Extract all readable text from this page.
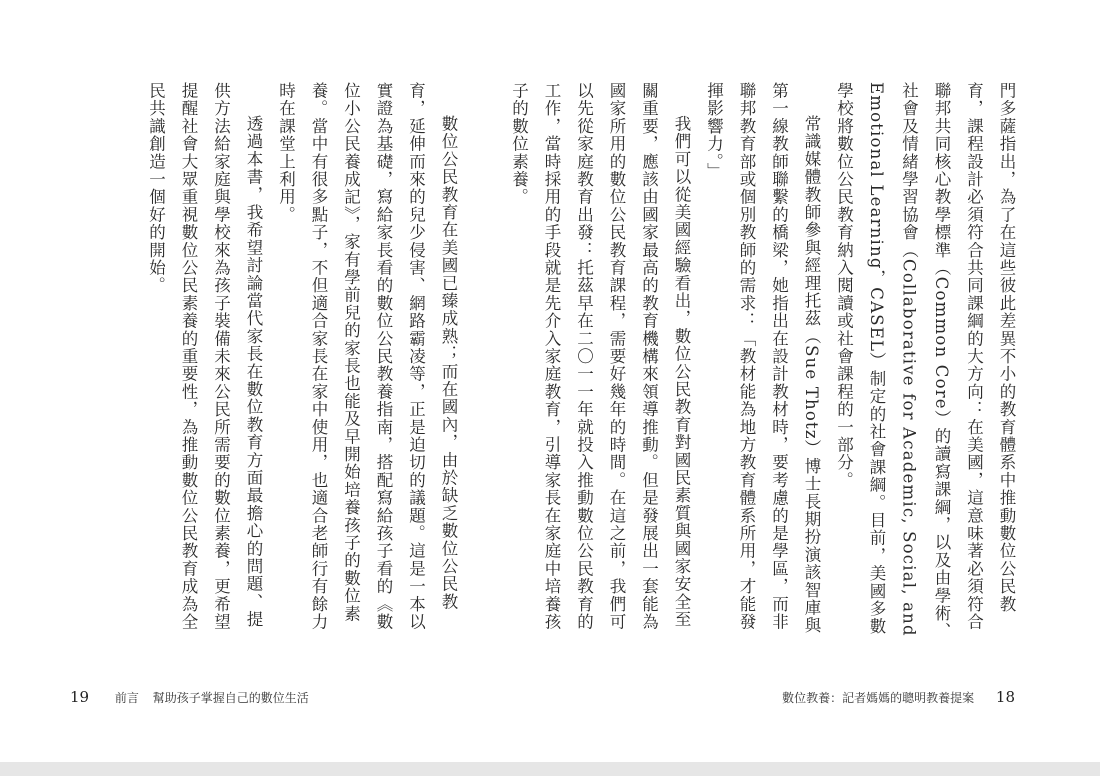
數位公民教育在美國已臻成熟；而在國內，由於缺乏數位公民教育，延伸而來的兒少侵害、網路霸凌等，正是迫切的議題。這是一本以實證為基礎，寫給家長看的數位公民教養指南，搭配寫給孩子看的《數位小公民養成記》，家有學前兒的家長也能及早開始培養孩子的數位素養。當中有很多點子，不但適合家長在家中使用，也適合老師行有餘力時在課堂上利用。

透過本書，我希望討論當代家長在數位教育方面最擔心的問題、提供方法給家庭與學校來為孩子裝備未來公民所需要的數位素養，更希望提醒社會大眾重視數位公民素養的重要性，為推動數位公民教育成為全民共識創造一個好的開始。

19 前言 幫助孩子掌握自己的數位生活

門多薩指出，為了在這些彼此差異不小的教育體系中推動數位公民教育，課程設計必須符合共同課綱的大方向：在美國，這意味著必須符合聯邦共同核心教學標準（Common Core）的讀寫課綱，以及由學術、社會及情緒學習協會（Collaborative for Academic, Social, and Emotional Learning，CASEL）制定的社會課綱。目前，美國多數學校將數位公民教育納入閱讀或社會課程的一部分。

常識媒體教師參與經理托茲（Sue Thotz）博士長期扮演該智庫與第一線教師聯繫的橋梁，她指出在設計教材時，要考慮的是學區，而非聯邦教育部或個別教師的需求：「教材能為地方教育體系所用，才能發揮影響力。」

我們可以從美國經驗看出，數位公民教育對國民素質與國家安全至關重要，應該由國家最高的教育機構來領導推動。但是發展出一套能為國家所用的數位公民教育課程，需要好幾年的時間。在這之前，我們可以先從家庭教育出發：托茲早在二〇一一年就投入推動數位公民教育的工作，當時採用的手段就是先介入家庭教育，引導家長在家庭中培養孩子的數位素養。

數位教養：記者媽媽的聰明教養提案 18
